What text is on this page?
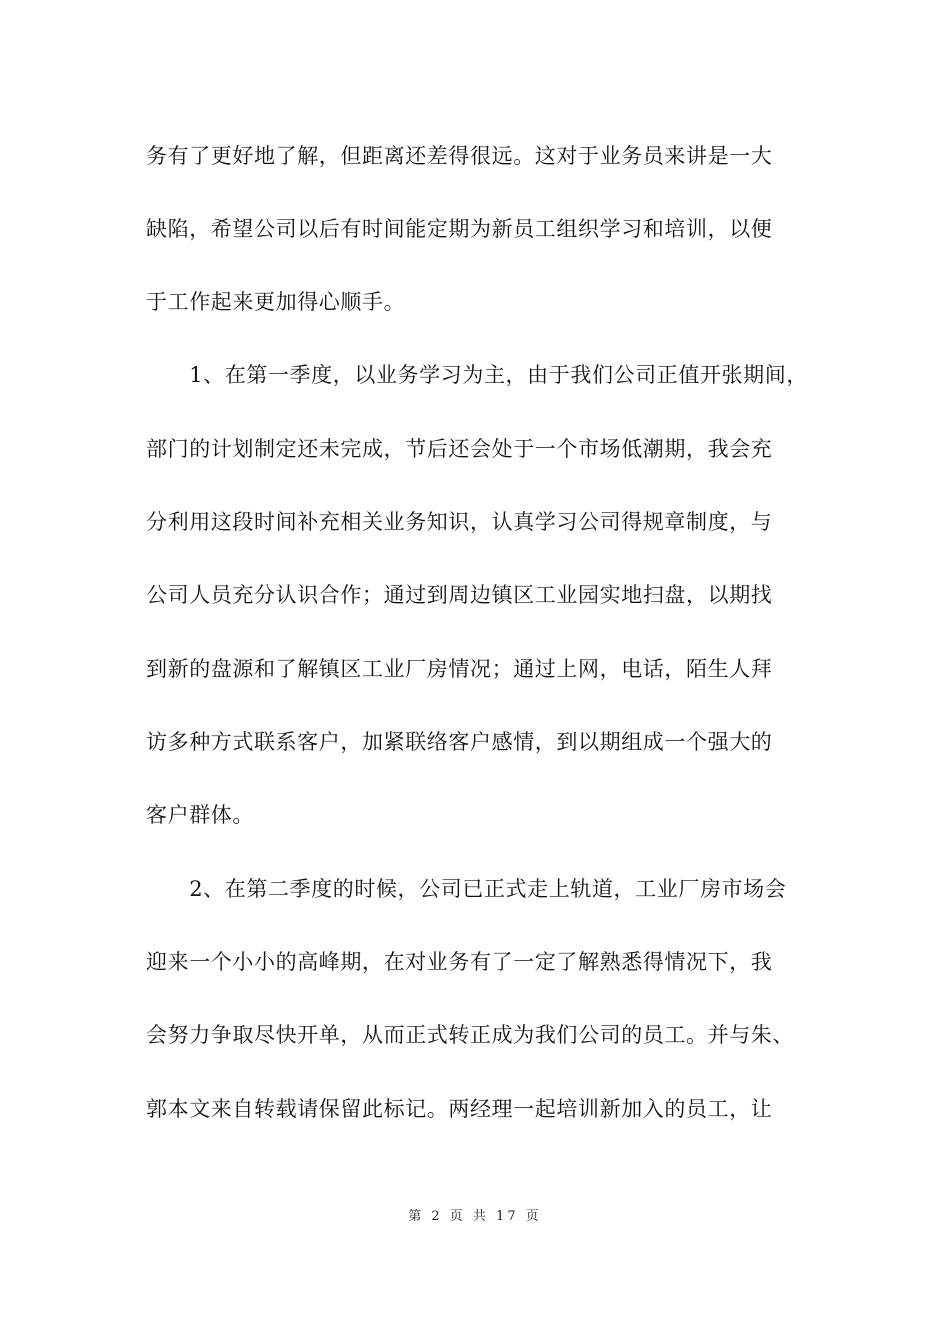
务有了更好地了解，但距离还差得很远。这对于业务员来讲是一大
缺陷，希望公司以后有时间能定期为新员工组织学习和培训，以便
于工作起来更加得心顺手。
　　1、在第一季度，以业务学习为主，由于我们公司正值开张期间，
部门的计划制定还未完成，节后还会处于一个市场低潮期，我会充
分利用这段时间补充相关业务知识，认真学习公司得规章制度，与
公司人员充分认识合作；通过到周边镇区工业园实地扫盘，以期找
到新的盘源和了解镇区工业厂房情况；通过上网，电话，陌生人拜
访多种方式联系客户，加紧联络客户感情，到以期组成一个强大的
客户群体。
　　2、在第二季度的时候，公司已正式走上轨道，工业厂房市场会
迎来一个小小的高峰期，在对业务有了一定了解熟悉得情况下，我
会努力争取尽快开单，从而正式转正成为我们公司的员工。并与朱、
郭本文来自转载请保留此标记。两经理一起培训新加入的员工，让
第 2 页 共 17 页
